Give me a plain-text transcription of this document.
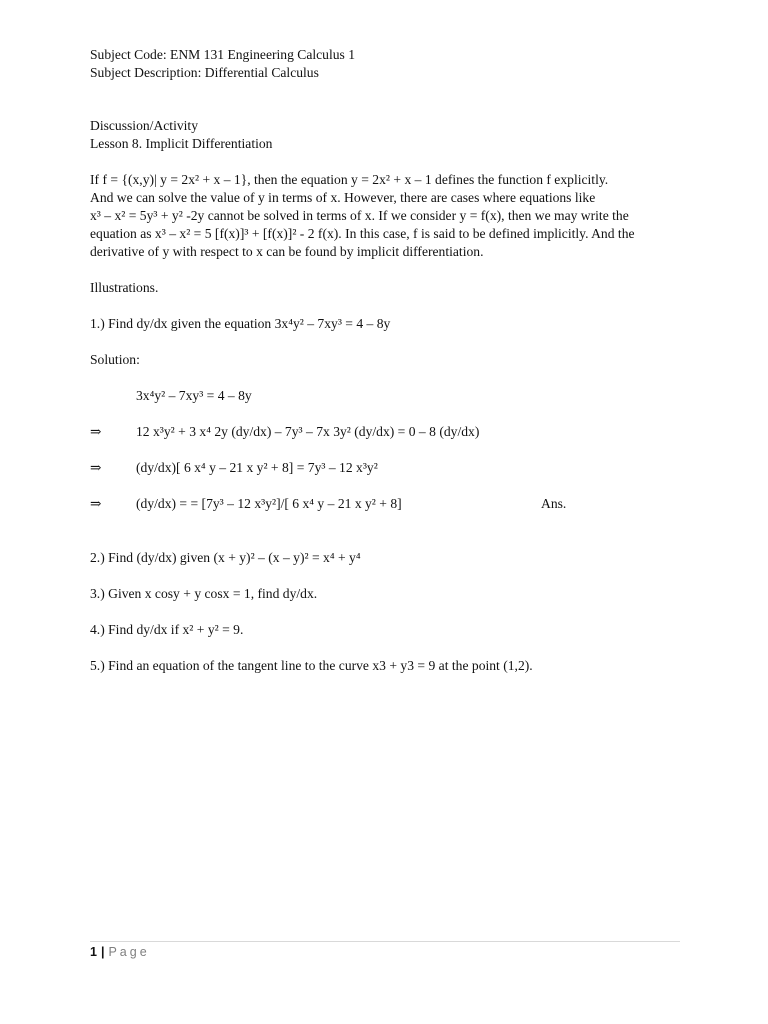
Subject Code: ENM 131 Engineering Calculus 1
Subject Description: Differential Calculus
Discussion/Activity
Lesson 8. Implicit Differentiation
If f = {(x,y)| y = 2x² + x – 1}, then the equation y = 2x² + x – 1 defines the function f explicitly.
And we can solve the value of y in terms of x. However, there are cases where equations like
x³ – x² = 5y³ + y² -2y cannot be solved in terms of x. If we consider y = f(x), then we may write the
equation as x³ – x² = 5 [f(x)]³ + [f(x)]² - 2 f(x). In this case, f is said to be defined implicitly. And the
derivative of y with respect to x can be found by implicit differentiation.
Illustrations.
1.) Find dy/dx given the equation 3x⁴y² – 7xy³ = 4 – 8y
Solution:
3x⁴y² – 7xy³ = 4 – 8y
⇒	12 x³y² + 3 x⁴ 2y (dy/dx) – 7y³ – 7x 3y² (dy/dx) = 0 – 8 (dy/dx)
⇒	(dy/dx)[ 6 x⁴ y – 21 x y² + 8] = 7y³ – 12 x³y²
⇒	(dy/dx) = = [7y³ – 12 x³y²]/[ 6 x⁴ y – 21 x y² + 8]	Ans.
2.) Find (dy/dx) given (x + y)² – (x – y)² = x⁴ + y⁴
3.) Given x cosy + y cosx = 1, find dy/dx.
4.) Find dy/dx if x² + y² = 9.
5.) Find an equation of the tangent line to the curve x3 + y3 = 9 at the point (1,2).
1 | Page
